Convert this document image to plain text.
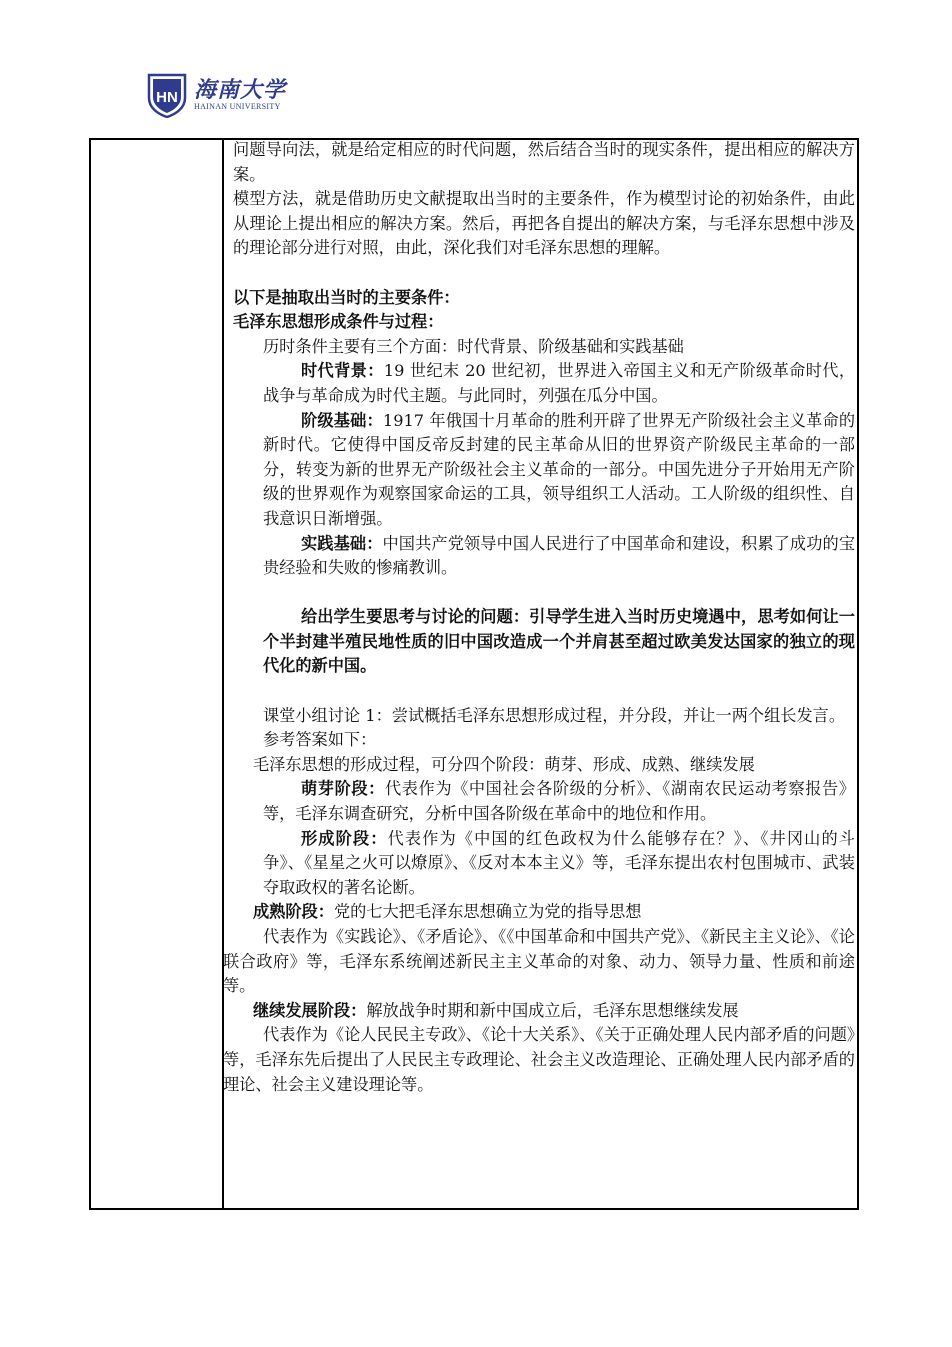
HN 海南大学
HAINAN UNIVERSITY

问题导向法，就是给定相应的时代问题，然后结合当时的现实条件，提出相应的解决方案。

模型方法，就是借助历史文献提取出当时的主要条件，作为模型讨论的初始条件，由此从理论上提出相应的解决方案。然后，再把各自提出的解决方案，与毛泽东思想中涉及的理论部分进行对照，由此，深化我们对毛泽东思想的理解。

以下是抽取出当时的主要条件：

毛泽东思想形成条件与过程：

历时条件主要有三个方面：时代背景、阶级基础和实践基础

时代背景：19 世纪末 20 世纪初，世界进入帝国主义和无产阶级革命时代，战争与革命成为时代主题。与此同时，列强在瓜分中国。

阶级基础：1917 年俄国十月革命的胜利开辟了世界无产阶级社会主义革命的新时代。它使得中国反帝反封建的民主革命从旧的世界资产阶级民主革命的一部分，转变为新的世界无产阶级社会主义革命的一部分。中国先进分子开始用无产阶级的世界观作为观察国家命运的工具，领导组织工人活动。工人阶级的组织性、自我意识日渐增强。

实践基础：中国共产党领导中国人民进行了中国革命和建设，积累了成功的宝贵经验和失败的惨痛教训。

给出学生要思考与讨论的问题：引导学生进入当时历史境遇中，思考如何让一个半封建半殖民地性质的旧中国改造成一个并肩甚至超过欧美发达国家的独立的现代化的新中国。

课堂小组讨论 1：尝试概括毛泽东思想形成过程，并分段，并让一两个组长发言。

参考答案如下：

毛泽东思想的形成过程，可分四个阶段：萌芽、形成、成熟、继续发展

萌芽阶段：代表作为《中国社会各阶级的分析》、《湖南农民运动考察报告》等，毛泽东调查研究，分析中国各阶级在革命中的地位和作用。

形成阶段：代表作为《中国的红色政权为什么能够存在？》、《井冈山的斗争》、《星星之火可以燎原》、《反对本本主义》等，毛泽东提出农村包围城市、武装夺取政权的著名论断。

成熟阶段：党的七大把毛泽东思想确立为党的指导思想

代表作为《实践论》、《矛盾论》、《《中国革命和中国共产党》、《新民主主义论》、《论联合政府》等，毛泽东系统阐述新民主主义革命的对象、动力、领导力量、性质和前途等。

继续发展阶段：解放战争时期和新中国成立后，毛泽东思想继续发展

代表作为《论人民民主专政》、《论十大关系》、《关于正确处理人民内部矛盾的问题》等，毛泽东先后提出了人民民主专政理论、社会主义改造理论、正确处理人民内部矛盾的理论、社会主义建设理论等。
